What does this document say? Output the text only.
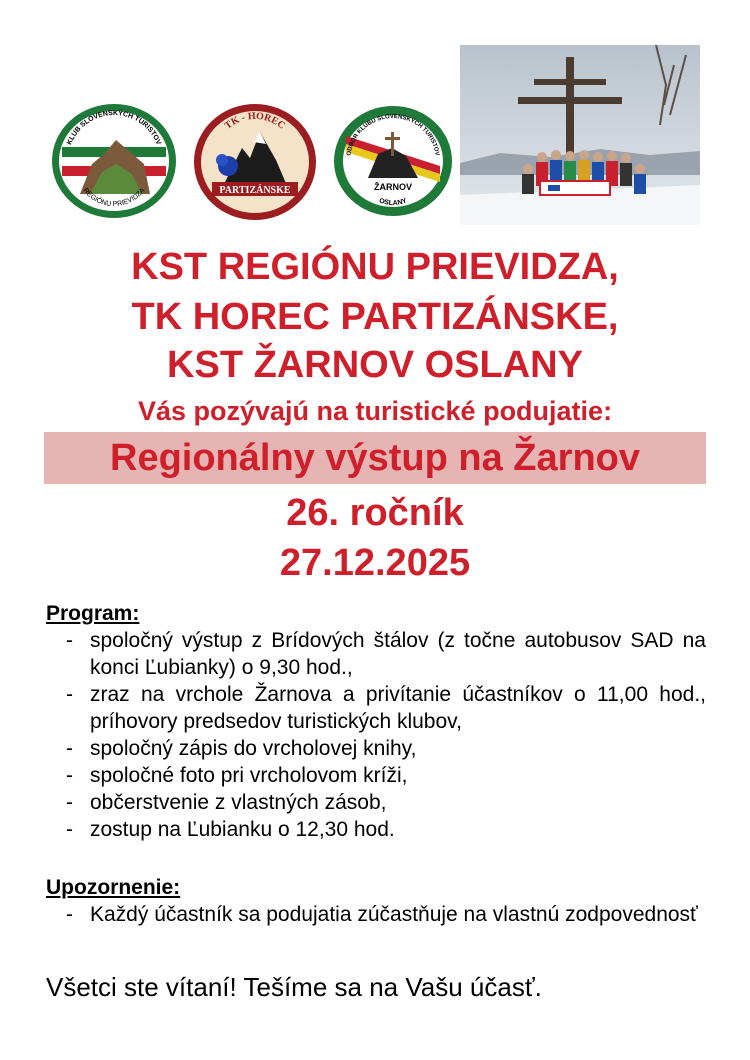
KLUB SLOVENSKÝCH TURISTOV
REGIÓNU PRIEVIDZA
TK - HOREC
PARTIZÁNSKE
ODBOR KLUBU SLOVENSKÝCH TURISTOV
ŽARNOV
OSLANY

KST REGIÓNU PRIEVIDZA,

TK HOREC PARTIZÁNSKE,

KST ŽARNOV OSLANY

Vás pozývajú na turistické podujatie:

Regionálny výstup na Žarnov

26. ročník

27.12.2025

Program:

- spoločný výstup z Brídových štálov (z točne autobusov SAD na konci Ľubianky) o 9,30 hod.,
- zraz na vrchole Žarnova a privítanie účastníkov o 11,00 hod., príhovory predsedov turistických klubov,
- spoločný zápis do vrcholovej knihy,
- spoločné foto pri vrcholovom kríži,
- občerstvenie z vlastných zásob,
- zostup na Ľubianku o 12,30 hod.

Upozornenie:

- Každý účastník sa podujatia zúčastňuje na vlastnú zodpovednosť

Všetci ste vítaní! Tešíme sa na Vašu účasť.
